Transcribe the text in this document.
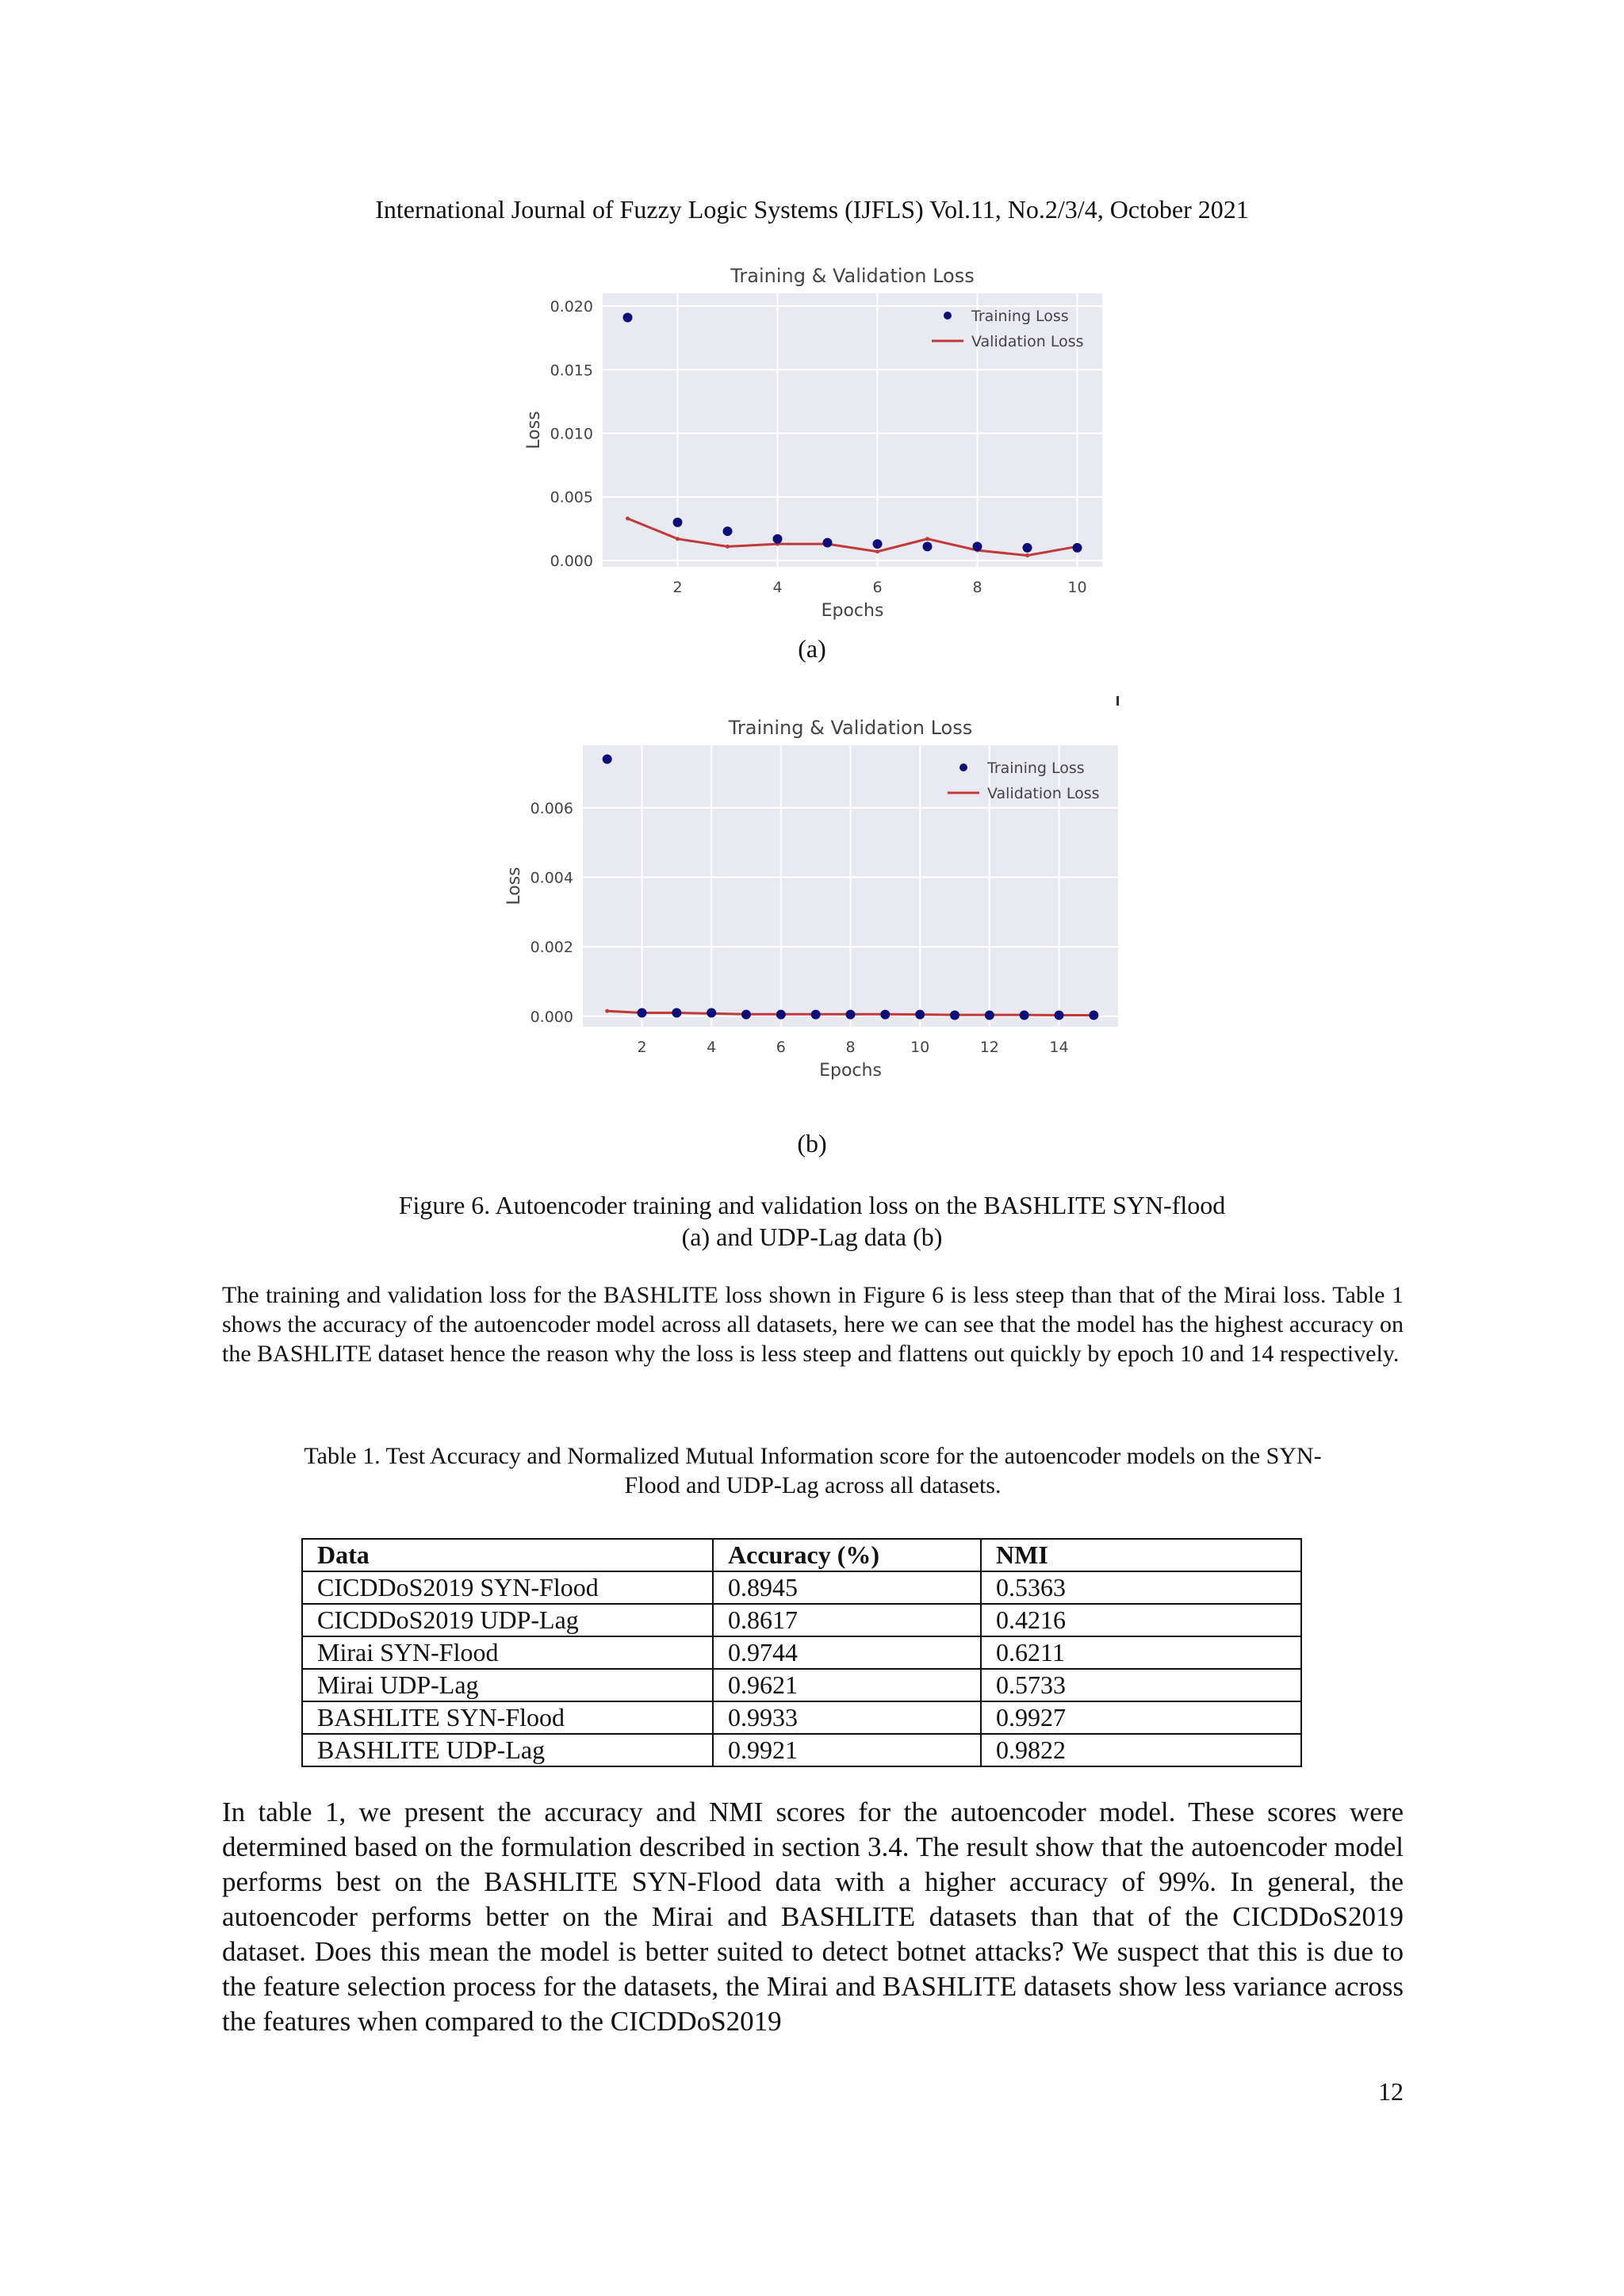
International Journal of Fuzzy Logic Systems (IJFLS) Vol.11, No.2/3/4, October 2021
0.000
0.005
0.010
0.015
0.020
2	4	6	8	10
Training & Validation Loss
Epochs
Loss
Training Loss
Validation Loss
(a)
0.000
0.002
0.004
0.006
2	4	6	8	10	12	14
Training & Validation Loss
Epochs
Loss
Training Loss
Validation Loss
(b)
Figure 6. Autoencoder training and validation loss on the BASHLITE SYN-flood
(a) and UDP-Lag data (b)

The training and validation loss for the BASHLITE loss shown in Figure 6 is less steep than that of the Mirai loss. Table 1 shows the accuracy of the autoencoder model across all datasets, here we can see that the model has the highest accuracy on the BASHLITE dataset hence the reason why the loss is less steep and flattens out quickly by epoch 10 and 14 respectively.

Table 1. Test Accuracy and Normalized Mutual Information score for the autoencoder models on the SYN-
Flood and UDP-Lag across all datasets.
Data	Accuracy (%)	NMI
CICDDoS2019 SYN-Flood	0.8945	0.5363
CICDDoS2019 UDP-Lag	0.8617	0.4216
Mirai SYN-Flood	0.9744	0.6211
Mirai UDP-Lag	0.9621	0.5733
BASHLITE SYN-Flood	0.9933	0.9927
BASHLITE UDP-Lag	0.9921	0.9822

In table 1, we present the accuracy and NMI scores for the autoencoder model. These scores were determined based on the formulation described in section 3.4. The result show that the autoencoder model performs best on the BASHLITE SYN-Flood data with a higher accuracy of 99%. In general, the autoencoder performs better on the Mirai and BASHLITE datasets than that of the CICDDoS2019 dataset. Does this mean the model is better suited to detect botnet attacks? We suspect that this is due to the feature selection process for the datasets, the Mirai and BASHLITE datasets show less variance across the features when compared to the CICDDoS2019

12
